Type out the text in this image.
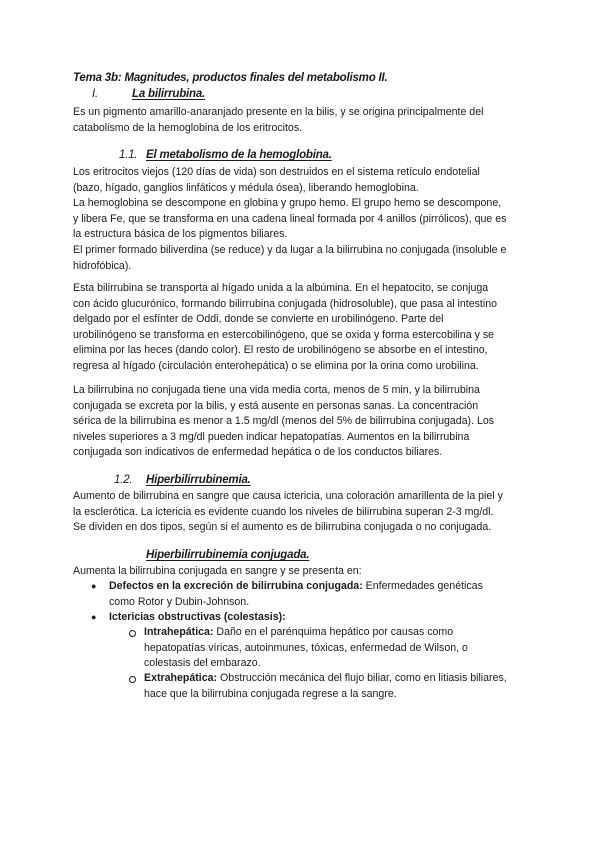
Tema 3b: Magnitudes, productos finales del metabolismo II.
I.	La bilirrubina.
Es un pigmento amarillo-anaranjado presente en la bilis, y se origina principalmente del
catabolismo de la hemoglobina de los eritrocitos.
1.1. El metabolismo de la hemoglobina.
Los eritrocitos viejos (120 días de vida) son destruidos en el sistema retículo endotelial
(bazo, hígado, ganglios linfáticos y médula ósea), liberando hemoglobina.
La hemoglobina se descompone en globina y grupo hemo. El grupo hemo se descompone,
y libera Fe, que se transforma en una cadena lineal formada por 4 anillos (pirrólicos), que es
la estructura básica de los pigmentos biliares.
El primer formado biliverdina (se reduce) y da lugar a la bilirrubina no conjugada (insoluble e
hidrofóbica).
Esta bilirrubina se transporta al hígado unida a la albúmina. En el hepatocito, se conjuga
con ácido glucurónico, formando bilirrubina conjugada (hidrosoluble), que pasa al intestino
delgado por el esfínter de Oddi, donde se convierte en urobilinógeno. Parte del
urobilinógeno se transforma en estercobilinógeno, que se oxida y forma estercobilina y se
elimina por las heces (dando color). El resto de urobilinógeno se absorbe en el intestino,
regresa al hígado (circulación enterohepática) o se elimina por la orina como urobilina.
La bilirrubina no conjugada tiene una vida media corta, menos de 5 min, y la bilirrubina
conjugada se excreta por la bilis, y está ausente en personas sanas. La concentración
sérica de la bilirrubina es menor a 1.5 mg/dl (menos del 5% de bilirrubina conjugada). Los
niveles superiores a 3 mg/dl pueden indicar hepatopatías. Aumentos en la bilirrubina
conjugada son indicativos de enfermedad hepática o de los conductos biliares.
1.2. Hiperbilirrubinemia.
Aumento de bilirrubina en sangre que causa ictericia, una coloración amarillenta de la piel y
la esclerótica. La ictericia es evidente cuando los niveles de bilirrubina superan 2-3 mg/dl.
Se dividen en dos tipos, según si el aumento es de bilirrubina conjugada o no conjugada.
Hiperbilirrubinemia conjugada.
Aumenta la bilirrubina conjugada en sangre y se presenta en:
● Defectos en la excreción de bilirrubina conjugada: Enfermedades genéticas
como Rotor y Dubin-Johnson.
● Ictericias obstructivas (colestasis):
Intrahepática: Daño en el parénquima hepático por causas como
hepatopatías víricas, autoinmunes, tóxicas, enfermedad de Wilson, o
colestasis del embarazo.
Extrahepática: Obstrucción mecánica del flujo biliar, como en litiasis biliares,
hace que la bilirrubina conjugada regrese a la sangre.
